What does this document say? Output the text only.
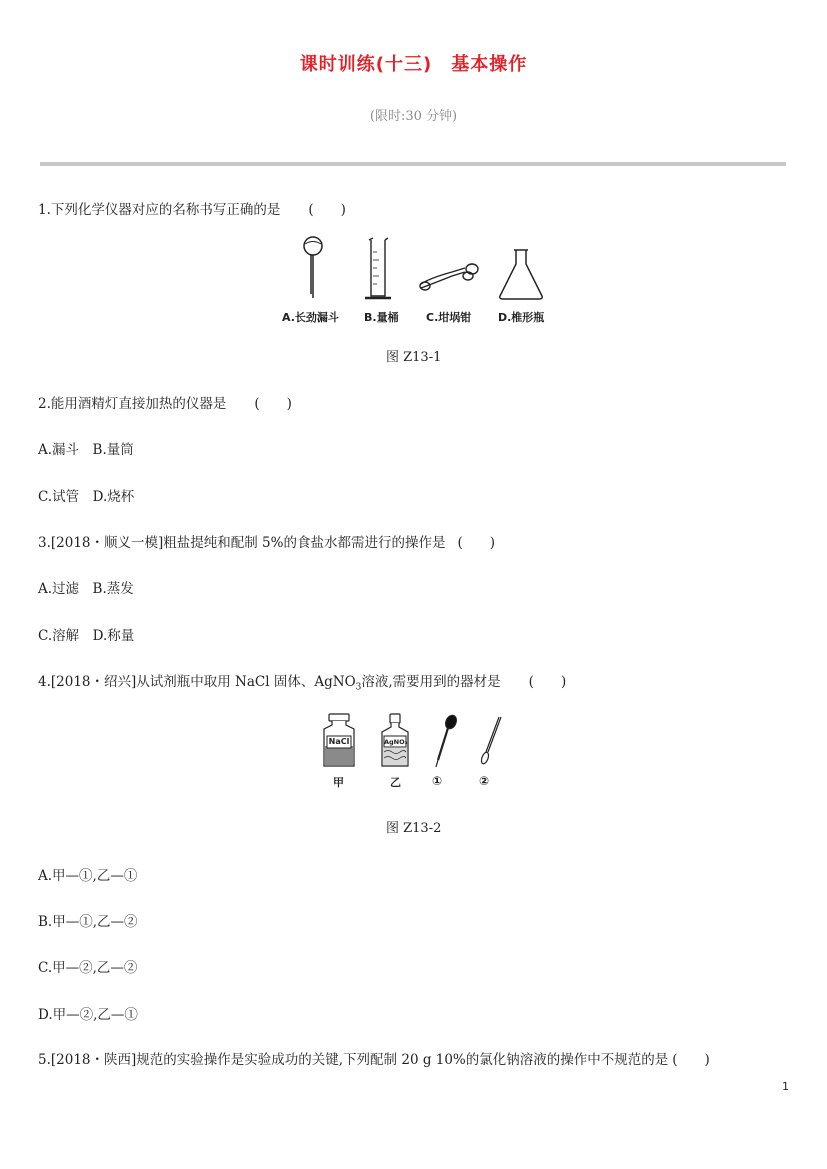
课时训练(十三)　基本操作
(限时:30 分钟)
1.下列化学仪器对应的名称书写正确的是 (　　)
A.长劲漏斗 B.量桶 C.坩埚钳 D.椎形瓶
图 Z13-1
2.能用酒精灯直接加热的仪器是 (　　)
A.漏斗　B.量筒
C.试管　D.烧杯
3.[2018・顺义一模]粗盐提纯和配制 5%的食盐水都需进行的操作是 (　　)
A.过滤　B.蒸发
C.溶解　D.称量
4.[2018・绍兴]从试剂瓶中取用 NaCl 固体、AgNO$_3$溶液,需要用到的器材是 (　　)
NaCl	AgNO₃
甲	乙	①	②
图 Z13-2
A.甲—①,乙—①
B.甲—①,乙—②
C.甲—②,乙—②
D.甲—②,乙—①
5.[2018・陕西]规范的实验操作是实验成功的关键,下列配制 20 g 10%的氯化钠溶液的操作中不规范的是 (　　)
1
